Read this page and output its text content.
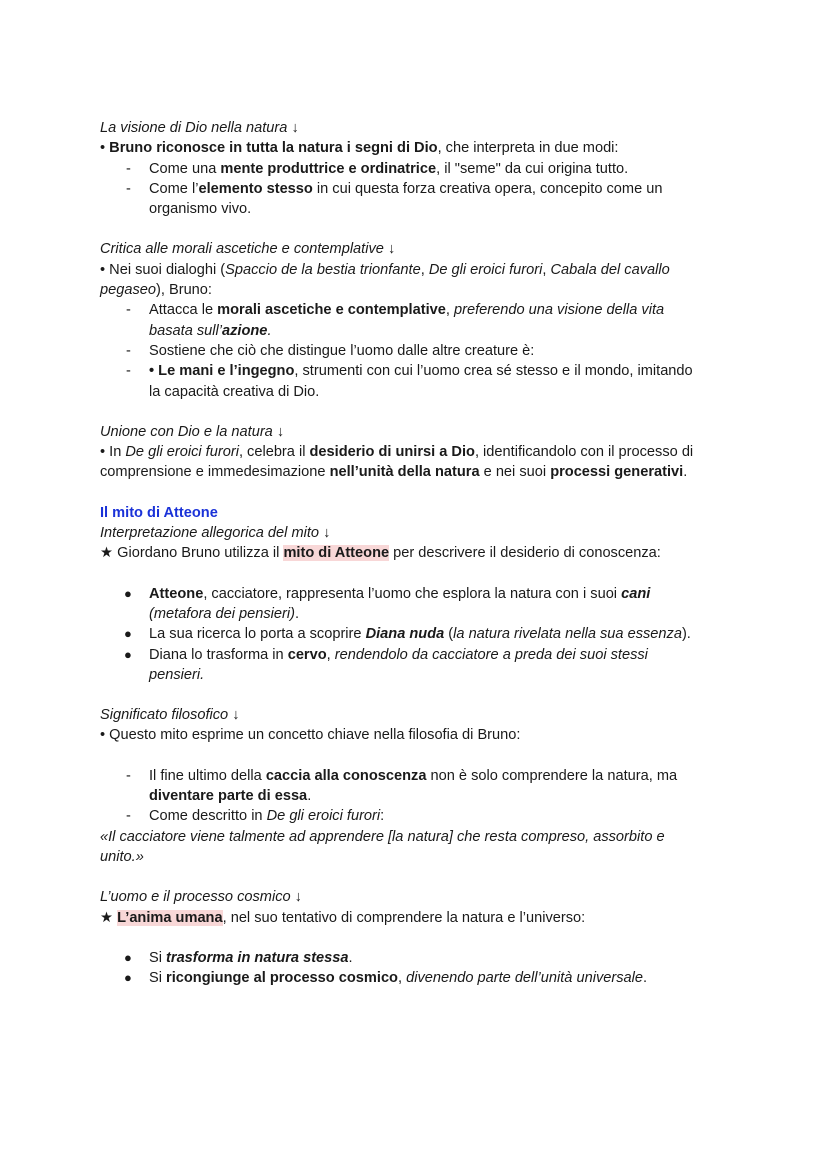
La visione di Dio nella natura ↓
• Bruno riconosce in tutta la natura i segni di Dio, che interpreta in due modi:
- Come una mente produttrice e ordinatrice, il "seme" da cui origina tutto.
- Come l’elemento stesso in cui questa forza creativa opera, concepito come un
organismo vivo.
Critica alle morali ascetiche e contemplative ↓
• Nei suoi dialoghi (Spaccio de la bestia trionfante, De gli eroici furori, Cabala del cavallo
pegaseo), Bruno:
- Attacca le morali ascetiche e contemplative, preferendo una visione della vita
basata sull’azione.
- Sostiene che ciò che distingue l’uomo dalle altre creature è:
- • Le mani e l’ingegno, strumenti con cui l’uomo crea sé stesso e il mondo, imitando
la capacità creativa di Dio.
Unione con Dio e la natura ↓
• In De gli eroici furori, celebra il desiderio di unirsi a Dio, identificandolo con il processo di
comprensione e immedesimazione nell’unità della natura e nei suoi processi generativi.
Il mito di Atteone
Interpretazione allegorica del mito ↓
★ Giordano Bruno utilizza il mito di Atteone per descrivere il desiderio di conoscenza:
● Atteone, cacciatore, rappresenta l’uomo che esplora la natura con i suoi cani
(metafora dei pensieri).
● La sua ricerca lo porta a scoprire Diana nuda (la natura rivelata nella sua essenza).
● Diana lo trasforma in cervo, rendendolo da cacciatore a preda dei suoi stessi
pensieri.
Significato filosofico ↓
• Questo mito esprime un concetto chiave nella filosofia di Bruno:
- Il fine ultimo della caccia alla conoscenza non è solo comprendere la natura, ma
diventare parte di essa.
- Come descritto in De gli eroici furori:
«Il cacciatore viene talmente ad apprendere [la natura] che resta compreso, assorbito e
unito.»
L’uomo e il processo cosmico ↓
★ L’anima umana, nel suo tentativo di comprendere la natura e l’universo:
● Si trasforma in natura stessa.
● Si ricongiunge al processo cosmico, divenendo parte dell’unità universale.
